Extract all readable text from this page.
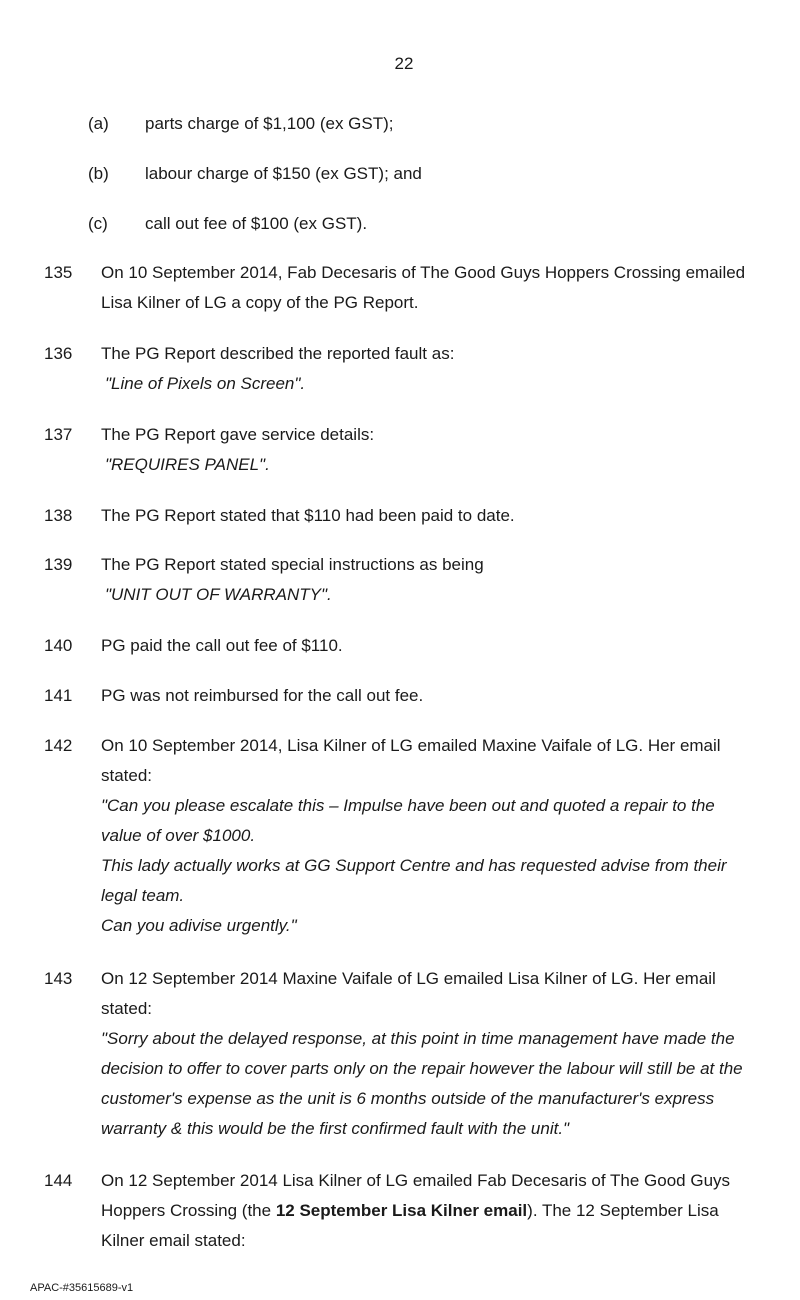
22
(a) parts charge of $1,100 (ex GST);
(b) labour charge of $150 (ex GST); and
(c) call out fee of $100 (ex GST).
135 On 10 September 2014, Fab Decesaris of The Good Guys Hoppers Crossing emailed
Lisa Kilner of LG a copy of the PG Report.
136 The PG Report described the reported fault as:
"Line of Pixels on Screen".
137 The PG Report gave service details:
"REQUIRES PANEL".
138 The PG Report stated that $110 had been paid to date.
139 The PG Report stated special instructions as being
"UNIT OUT OF WARRANTY".
140 PG paid the call out fee of $110.
141 PG was not reimbursed for the call out fee.
142 On 10 September 2014, Lisa Kilner of LG emailed Maxine Vaifale of LG. Her email
stated:
"Can you please escalate this – Impulse have been out and quoted a repair to the
value of over $1000.
This lady actually works at GG Support Centre and has requested advise from their
legal team.
Can you adivise urgently."
143 On 12 September 2014 Maxine Vaifale of LG emailed Lisa Kilner of LG. Her email
stated:
"Sorry about the delayed response, at this point in time management have made the
decision to offer to cover parts only on the repair however the labour will still be at the
customer's expense as the unit is 6 months outside of the manufacturer's express
warranty & this would be the first confirmed fault with the unit."
144 On 12 September 2014 Lisa Kilner of LG emailed Fab Decesaris of The Good Guys
Hoppers Crossing (the 12 September Lisa Kilner email). The 12 September Lisa
Kilner email stated:
APAC-#35615689-v1
